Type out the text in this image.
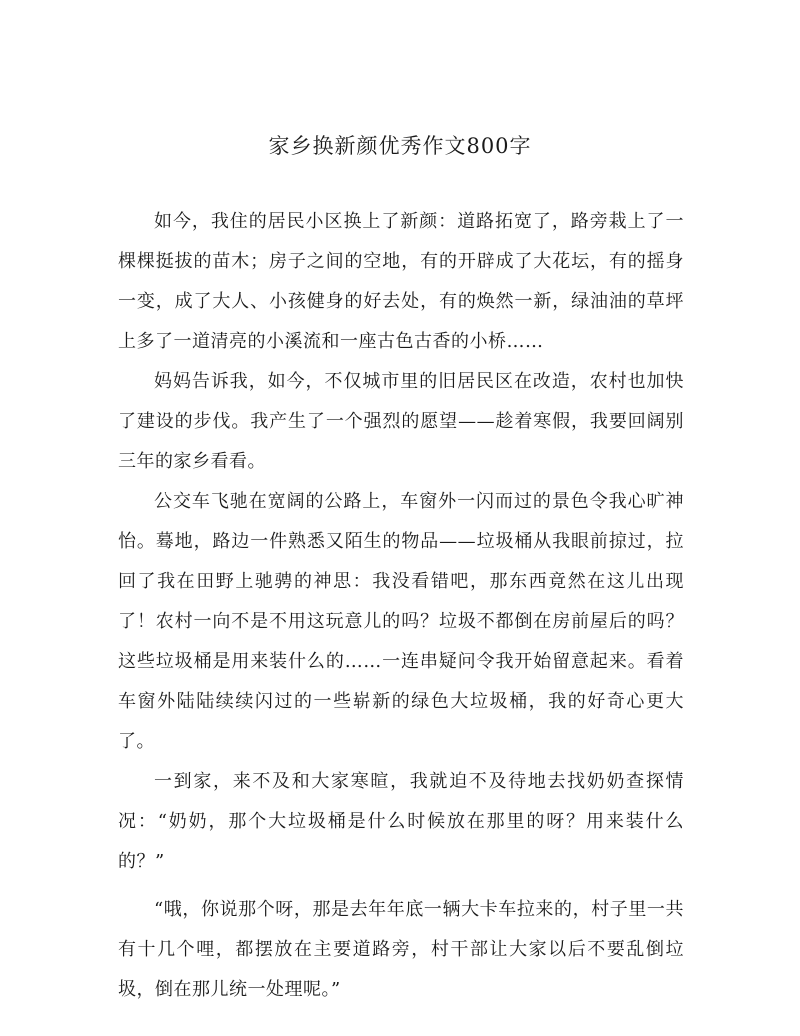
家乡换新颜优秀作文800字

如今，我住的居民小区换上了新颜：道路拓宽了，路旁栽上了一棵棵挺拔的苗木；房子之间的空地，有的开辟成了大花坛，有的摇身一变，成了大人、小孩健身的好去处，有的焕然一新，绿油油的草坪上多了一道清亮的小溪流和一座古色古香的小桥……

妈妈告诉我，如今，不仅城市里的旧居民区在改造，农村也加快了建设的步伐。我产生了一个强烈的愿望——趁着寒假，我要回阔别三年的家乡看看。

公交车飞驰在宽阔的公路上，车窗外一闪而过的景色令我心旷神怡。蓦地，路边一件熟悉又陌生的物品——垃圾桶从我眼前掠过，拉回了我在田野上驰骋的神思：我没看错吧，那东西竟然在这儿出现了！农村一向不是不用这玩意儿的吗？垃圾不都倒在房前屋后的吗？这些垃圾桶是用来装什么的……一连串疑问令我开始留意起来。看着车窗外陆陆续续闪过的一些崭新的绿色大垃圾桶，我的好奇心更大了。

一到家，来不及和大家寒暄，我就迫不及待地去找奶奶查探情况：“奶奶，那个大垃圾桶是什么时候放在那里的呀？用来装什么的？”

“哦，你说那个呀，那是去年年底一辆大卡车拉来的，村子里一共有十几个哩，都摆放在主要道路旁，村干部让大家以后不要乱倒垃圾，倒在那儿统一处理呢。”
